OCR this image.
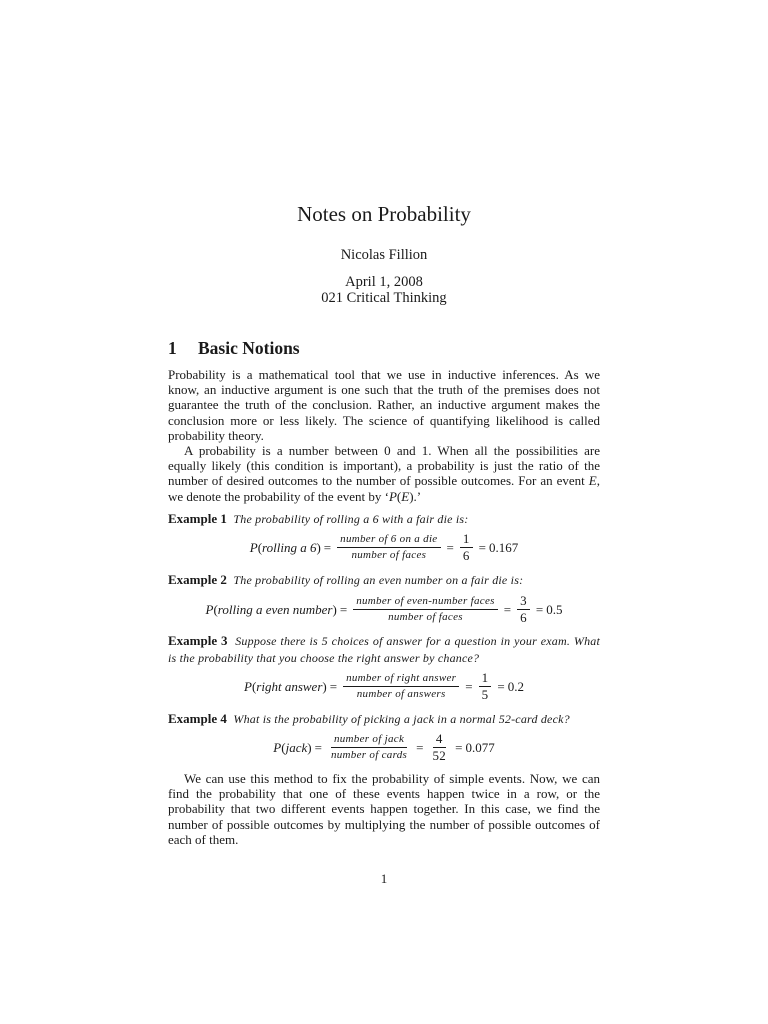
Notes on Probability
Nicolas Fillion
April 1, 2008
021 Critical Thinking
1 Basic Notions

Probability is a mathematical tool that we use in inductive inferences. As we know, an inductive argument is one such that the truth of the premises does not guarantee the truth of the conclusion. Rather, an inductive argument makes the conclusion more or less likely. The science of quantifying likelihood is called probability theory.

A probability is a number between 0 and 1. When all the possibilities are equally likely (this condition is important), a probability is just the ratio of the number of desired outcomes to the number of possible outcomes. For an event E, we denote the probability of the event by ‘P(E).’

Example 1 The probability of rolling a 6 with a fair die is:

P ( rolling a 6 ) = $\frac{\text{number of 6 on a die}}{\text{number of faces}} = \frac{1}{6} = 0.167$

Example 2 The probability of rolling an even number on a fair die is:

P ( rolling a even number ) = $\frac{\text{number of even-number faces}}{\text{number of faces}} = \frac{3}{6} = 0.5$

Example 3 Suppose there is 5 choices of answer for a question in your exam. What is the probability that you choose the right answer by chance?

P ( right answer ) = $\frac{\text{number of right answer}}{\text{number of answers}} = \frac{1}{5} = 0.2$

Example 4 What is the probability of picking a jack in a normal 52-card deck?

P ( jack ) = $\frac{\text{number of jack}}{\text{number of cards}} = \frac{4}{52} = 0.077$

We can use this method to fix the probability of simple events. Now, we can find the probability that one of these events happen twice in a row, or the probability that two different events happen together. In this case, we find the number of possible outcomes by multiplying the number of possible outcomes of each of them.

1
